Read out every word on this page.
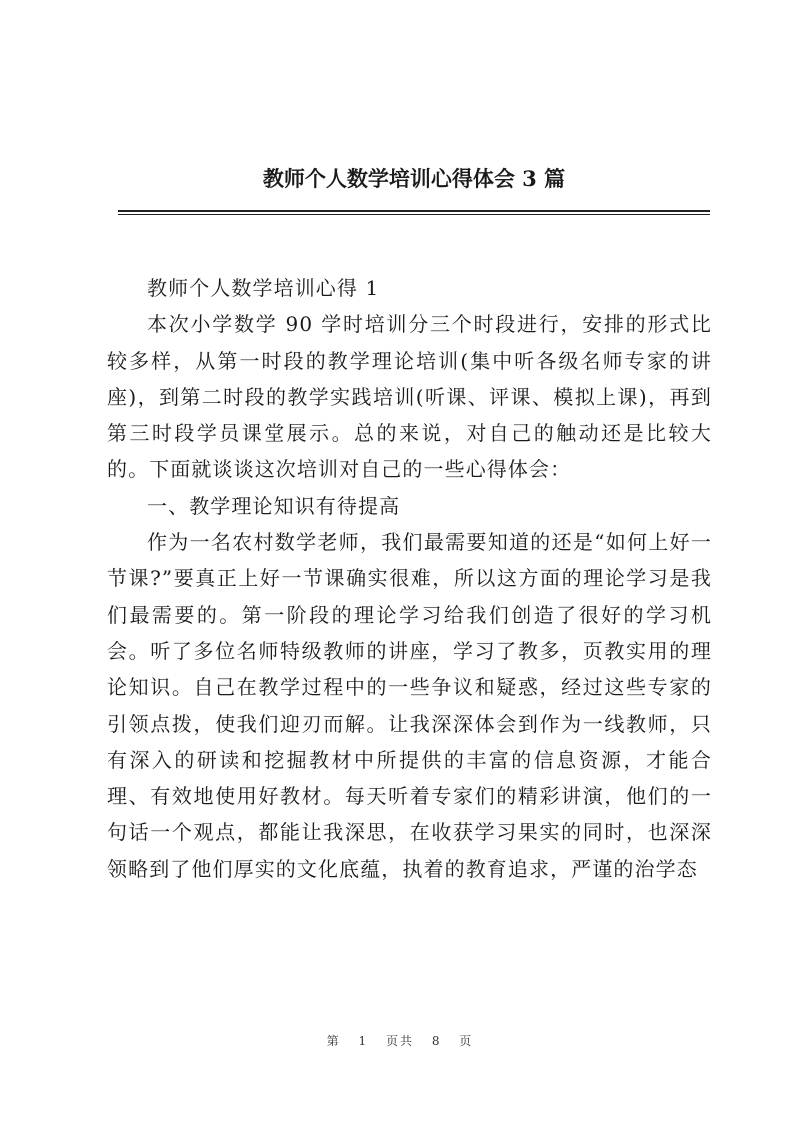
教师个人数学培训心得体会 3 篇

教师个人数学培训心得 1

本次小学数学 90 学时培训分三个时段进行，安排的形式比较多样，从第一时段的教学理论培训(集中听各级名师专家的讲座)，到第二时段的教学实践培训(听课、评课、模拟上课)，再到第三时段学员课堂展示。总的来说，对自己的触动还是比较大的。下面就谈谈这次培训对自己的一些心得体会：

一、教学理论知识有待提高

作为一名农村数学老师，我们最需要知道的还是“如何上好一节课?”要真正上好一节课确实很难，所以这方面的理论学习是我们最需要的。第一阶段的理论学习给我们创造了很好的学习机会。听了多位名师特级教师的讲座，学习了教多，页教实用的理论知识。自己在教学过程中的一些争议和疑惑，经过这些专家的引领点拨，使我们迎刃而解。让我深深体会到作为一线教师，只有深入的研读和挖掘教材中所提供的丰富的信息资源，才能合理、有效地使用好教材。每天听着专家们的精彩讲演，他们的一句话一个观点，都能让我深思，在收获学习果实的同时，也深深领略到了他们厚实的文化底蕴，执着的教育追求，严谨的治学态

第 1 页共 8 页
